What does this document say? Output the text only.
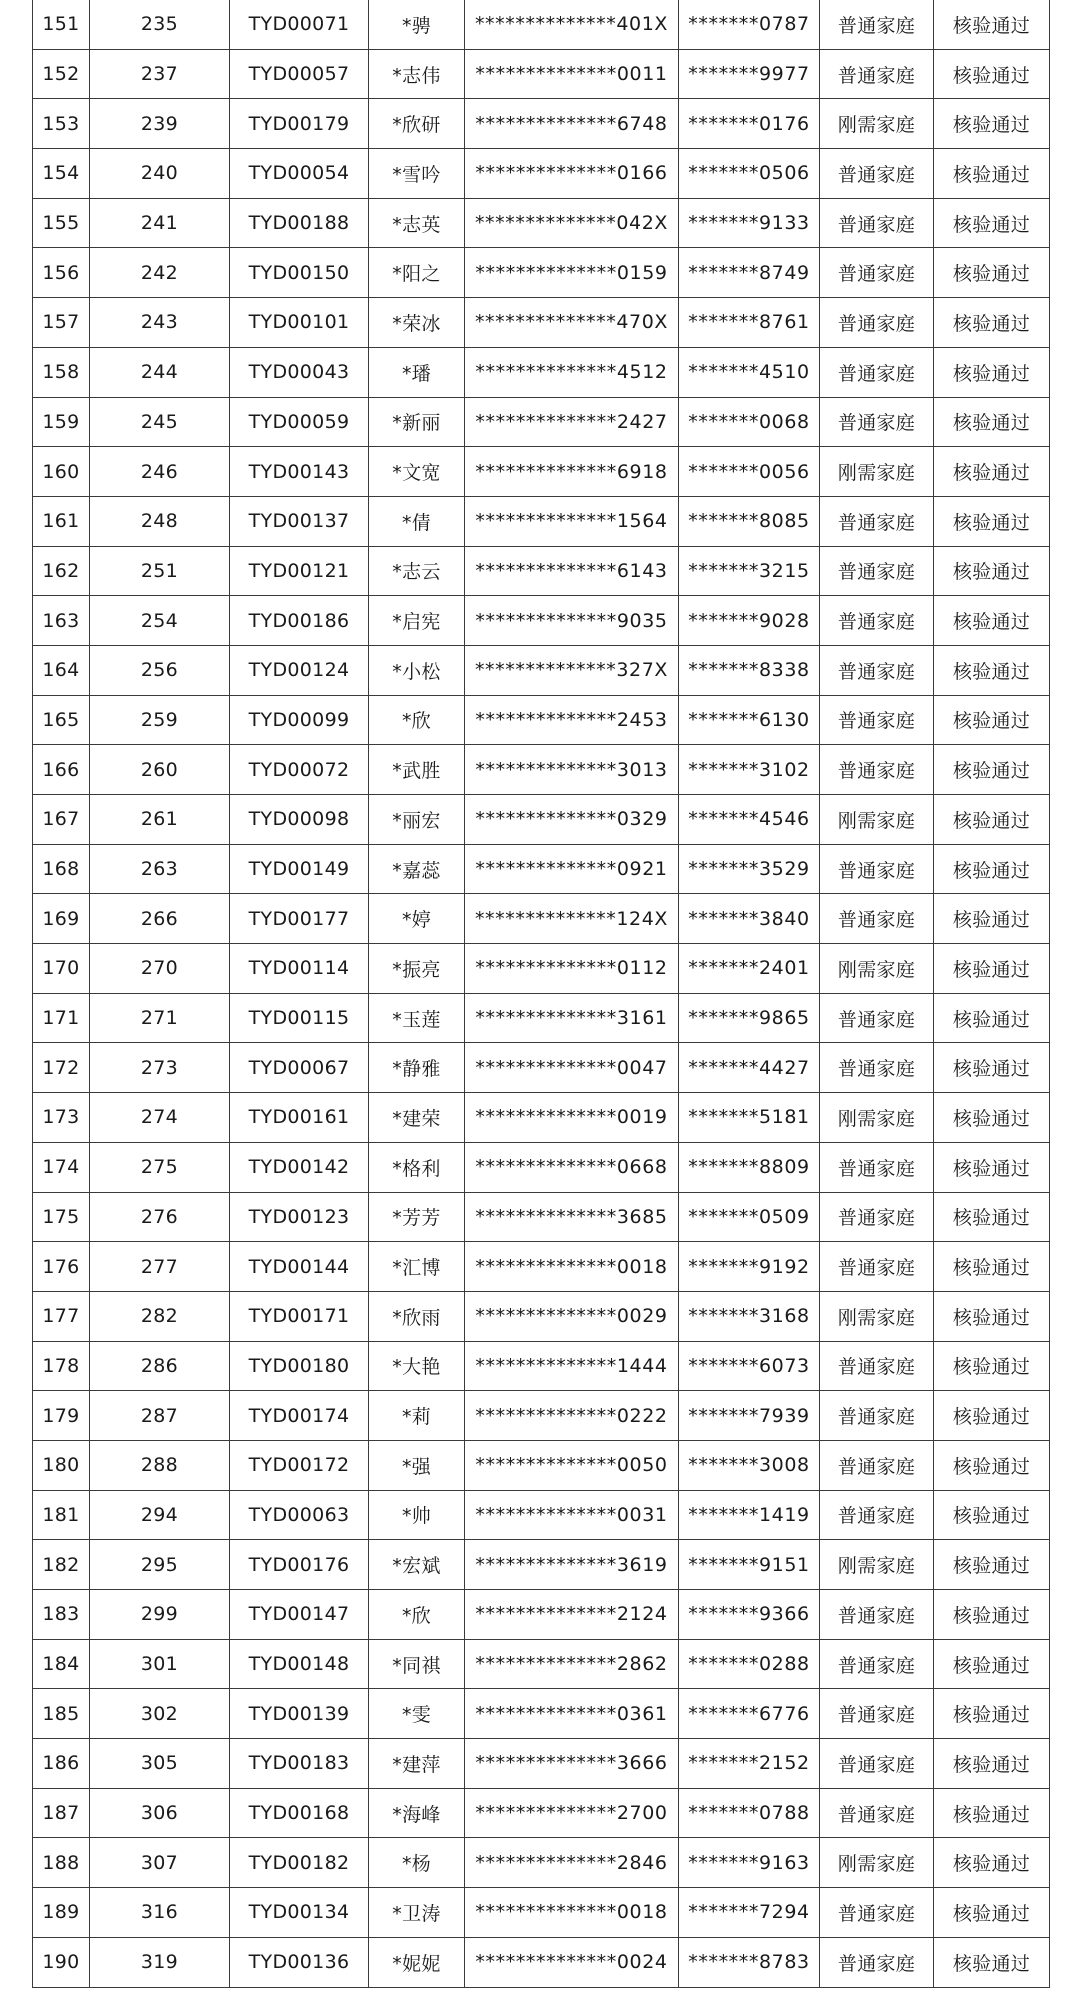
151	235	TYD00071	*骋	**************401X	*******0787	普通家庭	核验通过
152	237	TYD00057	*志伟	**************0011	*******9977	普通家庭	核验通过
153	239	TYD00179	*欣研	**************6748	*******0176	刚需家庭	核验通过
154	240	TYD00054	*雪吟	**************0166	*******0506	普通家庭	核验通过
155	241	TYD00188	*志英	**************042X	*******9133	普通家庭	核验通过
156	242	TYD00150	*阳之	**************0159	*******8749	普通家庭	核验通过
157	243	TYD00101	*荣冰	**************470X	*******8761	普通家庭	核验通过
158	244	TYD00043	*璠	**************4512	*******4510	普通家庭	核验通过
159	245	TYD00059	*新丽	**************2427	*******0068	普通家庭	核验通过
160	246	TYD00143	*文宽	**************6918	*******0056	刚需家庭	核验通过
161	248	TYD00137	*倩	**************1564	*******8085	普通家庭	核验通过
162	251	TYD00121	*志云	**************6143	*******3215	普通家庭	核验通过
163	254	TYD00186	*启宪	**************9035	*******9028	普通家庭	核验通过
164	256	TYD00124	*小松	**************327X	*******8338	普通家庭	核验通过
165	259	TYD00099	*欣	**************2453	*******6130	普通家庭	核验通过
166	260	TYD00072	*武胜	**************3013	*******3102	普通家庭	核验通过
167	261	TYD00098	*丽宏	**************0329	*******4546	刚需家庭	核验通过
168	263	TYD00149	*嘉蕊	**************0921	*******3529	普通家庭	核验通过
169	266	TYD00177	*婷	**************124X	*******3840	普通家庭	核验通过
170	270	TYD00114	*振亮	**************0112	*******2401	刚需家庭	核验通过
171	271	TYD00115	*玉莲	**************3161	*******9865	普通家庭	核验通过
172	273	TYD00067	*静雅	**************0047	*******4427	普通家庭	核验通过
173	274	TYD00161	*建荣	**************0019	*******5181	刚需家庭	核验通过
174	275	TYD00142	*格利	**************0668	*******8809	普通家庭	核验通过
175	276	TYD00123	*芳芳	**************3685	*******0509	普通家庭	核验通过
176	277	TYD00144	*汇博	**************0018	*******9192	普通家庭	核验通过
177	282	TYD00171	*欣雨	**************0029	*******3168	刚需家庭	核验通过
178	286	TYD00180	*大艳	**************1444	*******6073	普通家庭	核验通过
179	287	TYD00174	*莉	**************0222	*******7939	普通家庭	核验通过
180	288	TYD00172	*强	**************0050	*******3008	普通家庭	核验通过
181	294	TYD00063	*帅	**************0031	*******1419	普通家庭	核验通过
182	295	TYD00176	*宏斌	**************3619	*******9151	刚需家庭	核验通过
183	299	TYD00147	*欣	**************2124	*******9366	普通家庭	核验通过
184	301	TYD00148	*同祺	**************2862	*******0288	普通家庭	核验通过
185	302	TYD00139	*雯	**************0361	*******6776	普通家庭	核验通过
186	305	TYD00183	*建萍	**************3666	*******2152	普通家庭	核验通过
187	306	TYD00168	*海峰	**************2700	*******0788	普通家庭	核验通过
188	307	TYD00182	*杨	**************2846	*******9163	刚需家庭	核验通过
189	316	TYD00134	*卫涛	**************0018	*******7294	普通家庭	核验通过
190	319	TYD00136	*妮妮	**************0024	*******8783	普通家庭	核验通过
